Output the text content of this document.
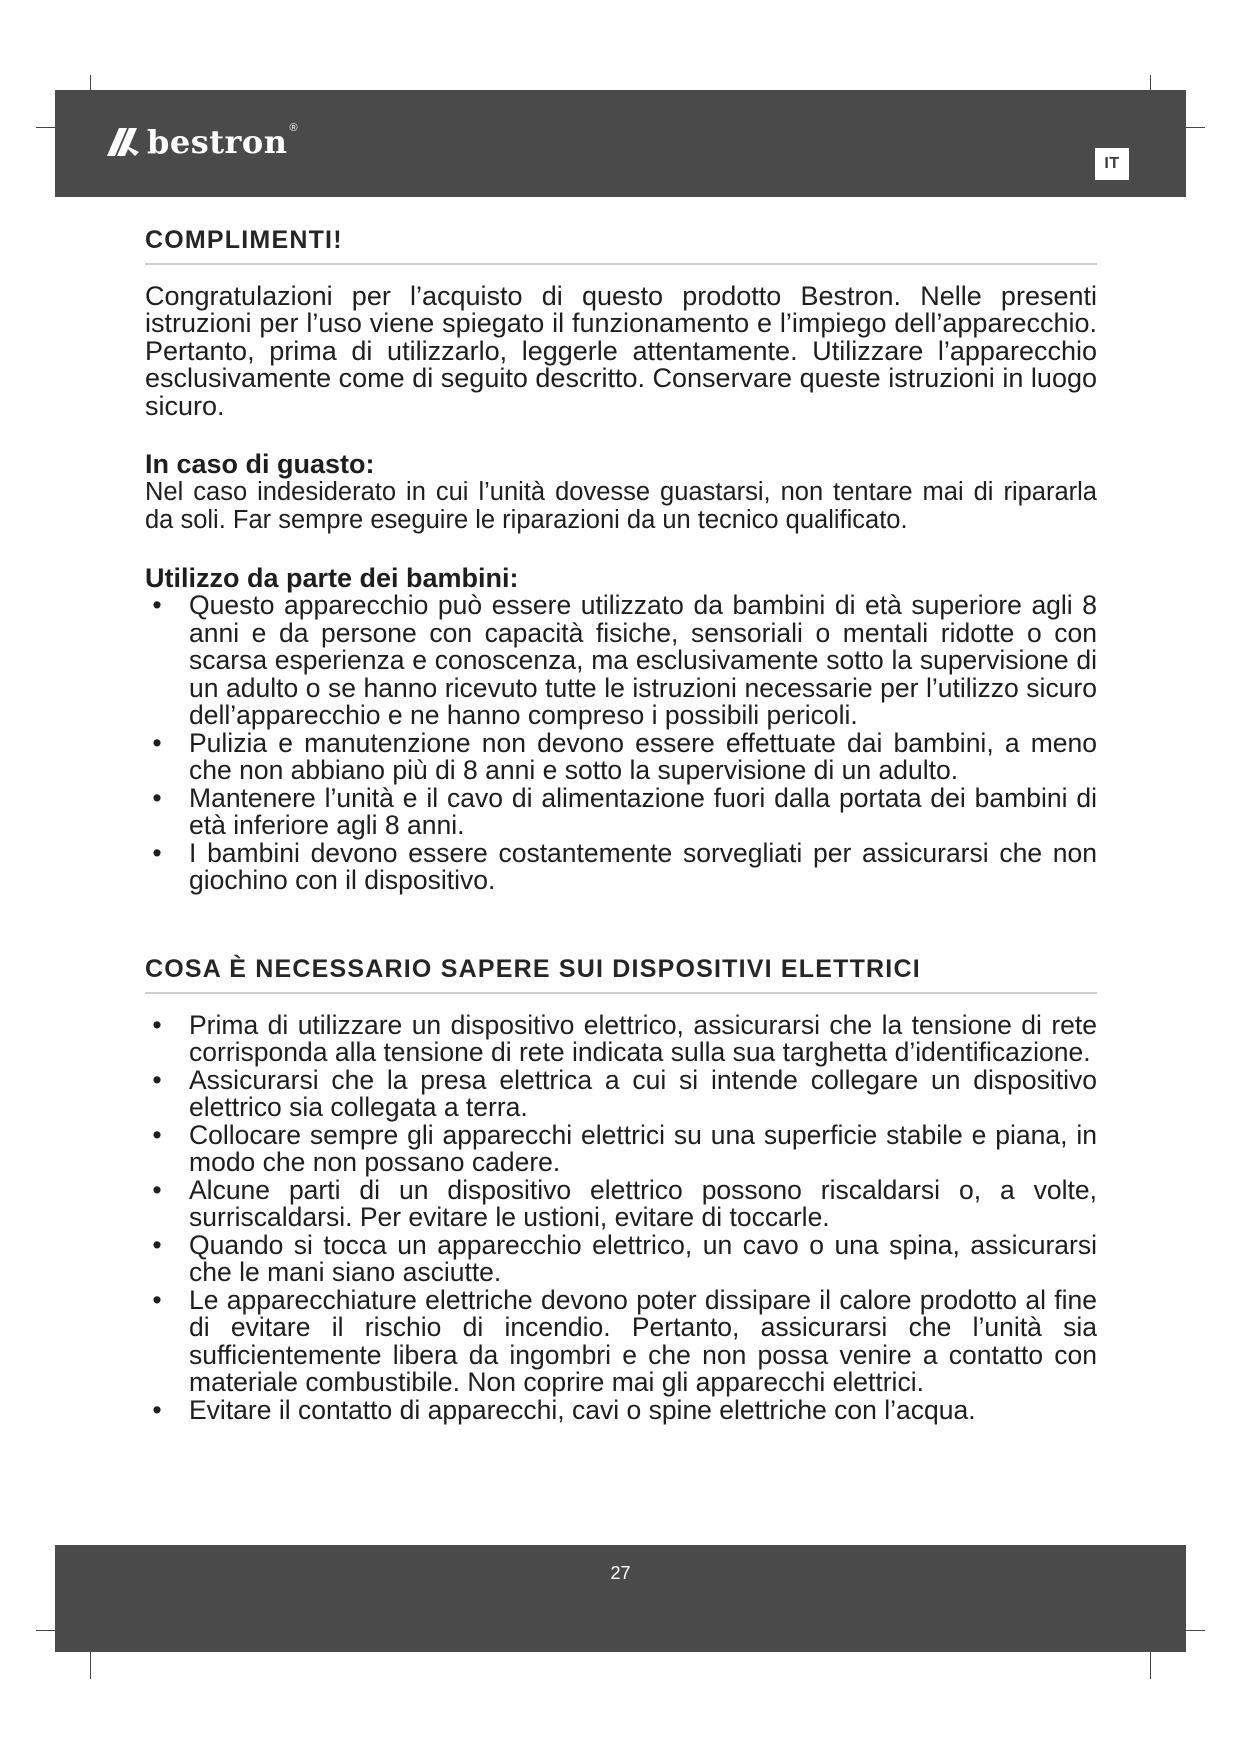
bestron ®
IT
COMPLIMENTI!

Congratulazioni per l’acquisto di questo prodotto Bestron. Nelle presenti istruzioni per l’uso viene spiegato il funzionamento e l’impiego dell’apparecchio. Pertanto, prima di utilizzarlo, leggerle attentamente. Utilizzare l’apparecchio esclusivamente come di seguito descritto. Conservare queste istruzioni in luogo sicuro.

In caso di guasto:

Nel caso indesiderato in cui l’unità dovesse guastarsi, non tentare mai di ripararla da soli. Far sempre eseguire le riparazioni da un tecnico qualificato.

Utilizzo da parte dei bambini:

• Questo apparecchio può essere utilizzato da bambini di età superiore agli 8 anni e da persone con capacità fisiche, sensoriali o mentali ridotte o con scarsa esperienza e conoscenza, ma esclusivamente sotto la supervisione di un adulto o se hanno ricevuto tutte le istruzioni necessarie per l’utilizzo sicuro dell’apparecchio e ne hanno compreso i possibili pericoli.
• Pulizia e manutenzione non devono essere effettuate dai bambini, a meno che non abbiano più di 8 anni e sotto la supervisione di un adulto.
• Mantenere l’unità e il cavo di alimentazione fuori dalla portata dei bambini di età inferiore agli 8 anni.
• I bambini devono essere costantemente sorvegliati per assicurarsi che non giochino con il dispositivo.
COSA È NECESSARIO SAPERE SUI DISPOSITIVI ELETTRICI
• Prima di utilizzare un dispositivo elettrico, assicurarsi che la tensione di rete corrisponda alla tensione di rete indicata sulla sua targhetta d’identificazione.
• Assicurarsi che la presa elettrica a cui si intende collegare un dispositivo elettrico sia collegata a terra.
• Collocare sempre gli apparecchi elettrici su una superficie stabile e piana, in modo che non possano cadere.
• Alcune parti di un dispositivo elettrico possono riscaldarsi o, a volte, surriscaldarsi. Per evitare le ustioni, evitare di toccarle.
• Quando si tocca un apparecchio elettrico, un cavo o una spina, assicurarsi che le mani siano asciutte.
• Le apparecchiature elettriche devono poter dissipare il calore prodotto al fine di evitare il rischio di incendio. Pertanto, assicurarsi che l’unità sia sufficientemente libera da ingombri e che non possa venire a contatto con materiale combustibile. Non coprire mai gli apparecchi elettrici.
• Evitare il contatto di apparecchi, cavi o spine elettriche con l’acqua.
27
